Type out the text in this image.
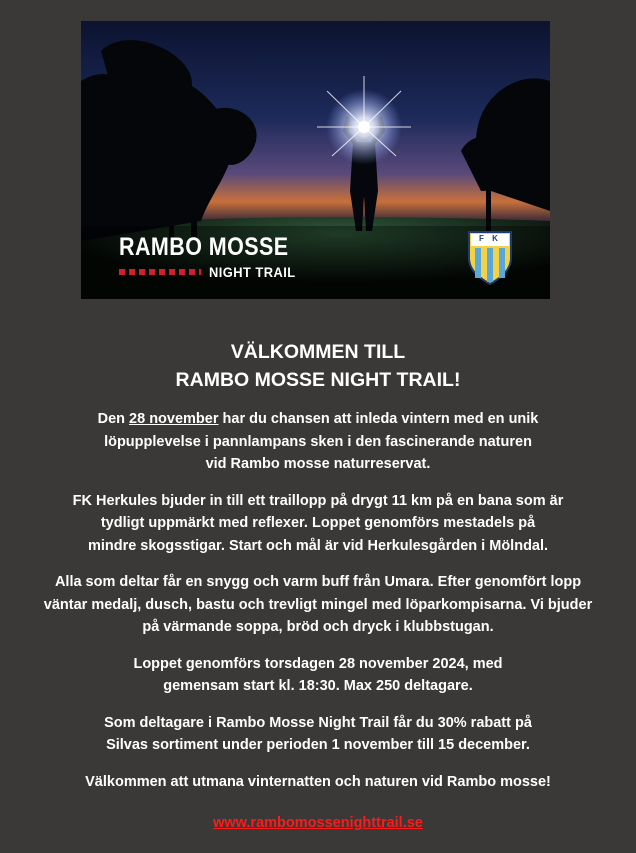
RAMBO MOSSE
NIGHT TRAIL
F K
VÄLKOMMEN TILL
RAMBO MOSSE NIGHT TRAIL!

Den 28 november har du chansen att inleda vintern med en unik
löpupplevelse i pannlampans sken i den fascinerande naturen
vid Rambo mosse naturreservat.

FK Herkules bjuder in till ett traillopp på drygt 11 km på en bana som är
tydligt uppmärkt med reflexer. Loppet genomförs mestadels på
mindre skogsstigar. Start och mål är vid Herkulesgården i Mölndal.

Alla som deltar får en snygg och varm buff från Umara. Efter genomfört lopp
väntar medalj, dusch, bastu och trevligt mingel med löparkompisarna. Vi bjuder
på värmande soppa, bröd och dryck i klubbstugan.

Loppet genomförs torsdagen 28 november 2024, med
gemensam start kl. 18:30. Max 250 deltagare.

Som deltagare i Rambo Mosse Night Trail får du 30% rabatt på
Silvas sortiment under perioden 1 november till 15 december.

Välkommen att utmana vinternatten och naturen vid Rambo mosse!

www.rambomossenighttrail.se
